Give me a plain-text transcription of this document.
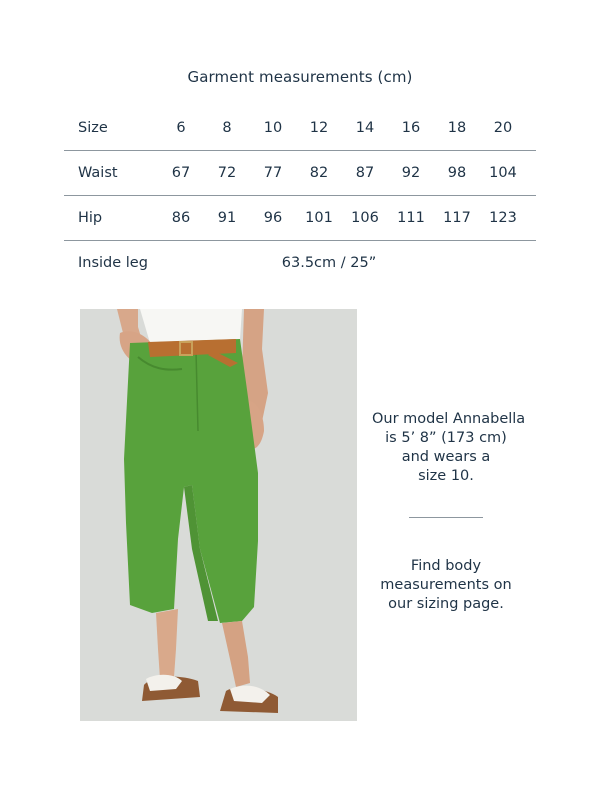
Garment measurements (cm)
Size	6	8	10	12	14	16	18	20
Waist	67	72	77	82	87	92	98	104
Hip	86	91	96	101	106	111	117	123
Inside leg	63.5cm / 25”
Our model Annabella
is 5’ 8” (173 cm)
and wears a
size 10.
Find body
measurements on
our sizing page.
